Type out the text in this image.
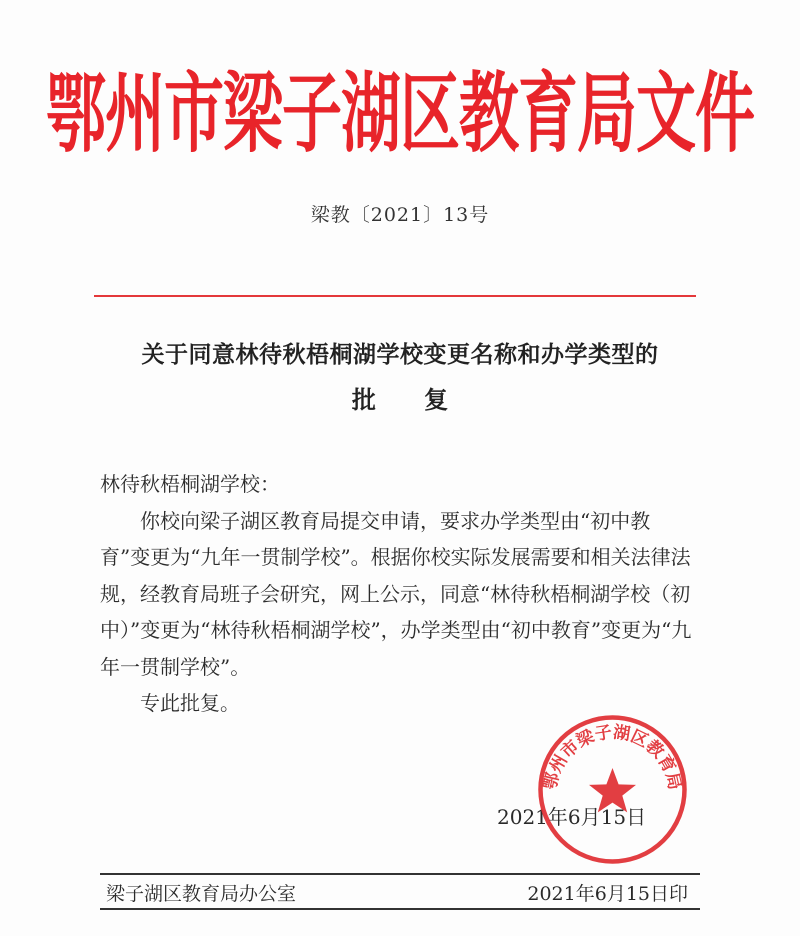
鄂州市梁子湖区教育局文件
梁教〔2021〕13号
关于同意林待秋梧桐湖学校变更名称和办学类型的
批 复

林待秋梧桐湖学校：

你校向梁子湖区教育局提交申请，要求办学类型由“初中教育”变更为“九年一贯制学校”。根据你校实际发展需要和相关法律法规，经教育局班子会研究，网上公示，同意“林待秋梧桐湖学校（初中）”变更为“林待秋梧桐湖学校”，办学类型由“初中教育”变更为“九年一贯制学校”。

专此批复。

2021年6月15日
鄂州市梁子湖区教育局
梁子湖区教育局办公室	2021年6月15日印
